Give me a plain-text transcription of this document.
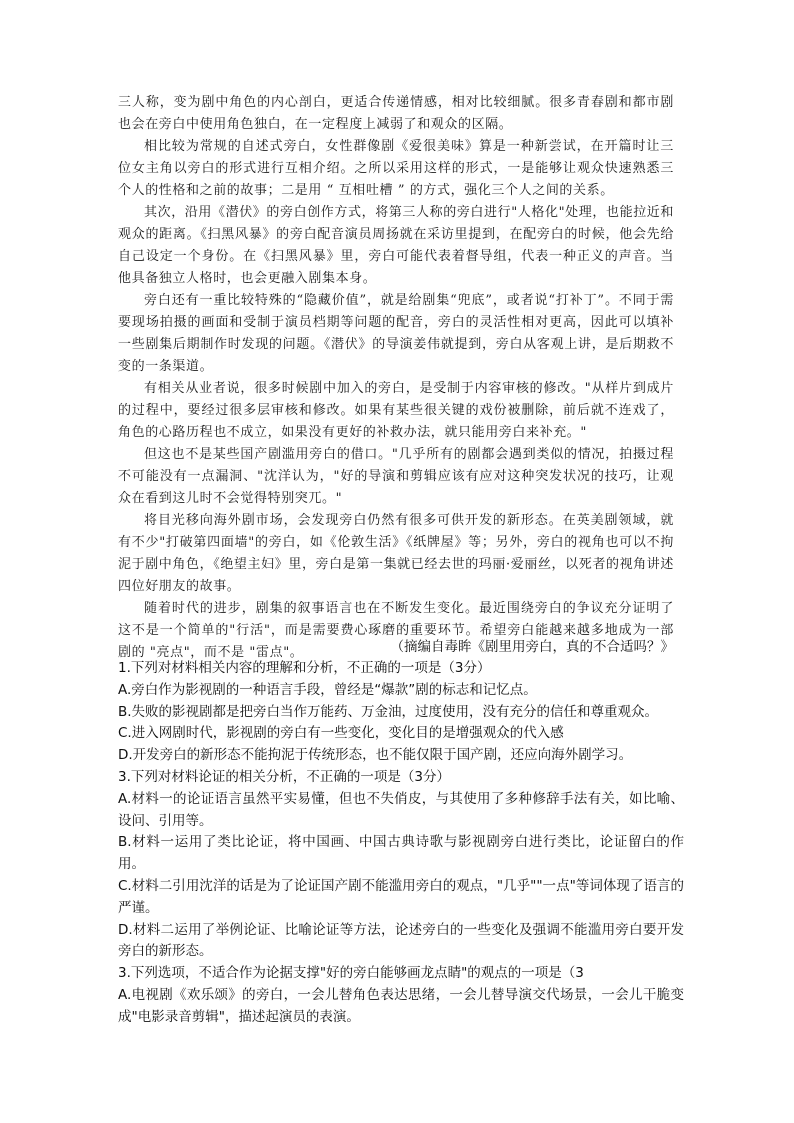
三人称，变为剧中角色的内心剖白，更适合传递情感，相对比较细腻。很多青春剧和都市剧也会在旁白中使用角色独白，在一定程度上减弱了和观众的区隔。

相比较为常规的自述式旁白，女性群像剧《爱很美味》算是一种新尝试，在开篇时让三位女主角以旁白的形式进行互相介绍。之所以采用这样的形式，一是能够让观众快速熟悉三个人的性格和之前的故事；二是用 “ 互相吐槽 ” 的方式，强化三个人之间的关系。

其次，沿用《潜伏》的旁白创作方式，将第三人称的旁白进行"人格化"处理，也能拉近和观众的距离。《扫黑风暴》的旁白配音演员周扬就在采访里提到，在配旁白的时候，他会先给自己设定一个身份。在《扫黑风暴》里，旁白可能代表着督导组，代表一种正义的声音。当他具备独立人格时，也会更融入剧集本身。

旁白还有一重比较特殊的“隐藏价值”，就是给剧集“兜底”，或者说“打补丁”。不同于需要现场拍摄的画面和受制于演员档期等问题的配音，旁白的灵活性相对更高，因此可以填补一些剧集后期制作时发现的问题。《潜伏》的导演姜伟就提到，旁白从客观上讲，是后期救不变的一条渠道。

有相关从业者说，很多时候剧中加入的旁白，是受制于内容审核的修改。"从样片到成片的过程中，要经过很多层审核和修改。如果有某些很关键的戏份被删除，前后就不连戏了，角色的心路历程也不成立，如果没有更好的补救办法，就只能用旁白来补充。"

但这也不是某些国产剧滥用旁白的借口。"几乎所有的剧都会遇到类似的情况，拍摄过程不可能没有一点漏洞、"沈洋认为，"好的导演和剪辑应该有应对这种突发状况的技巧，让观众在看到这儿时不会觉得特别突兀。"

将目光移向海外剧市场，会发现旁白仍然有很多可供开发的新形态。在英美剧领域，就有不少"打破第四面墙"的旁白，如《伦敦生活》《纸牌屋》等；另外，旁白的视角也可以不拘泥于剧中角色，《绝望主妇》里，旁白是第一集就已经去世的玛丽·爱丽丝，以死者的视角讲述四位好朋友的故事。

随着时代的进步，剧集的叙事语言也在不断发生变化。最近围绕旁白的争议充分证明了这不是一个简单的"行活"，而是需要费心琢磨的重要环节。希望旁白能越来越多地成为一部剧的 "亮点"，而不是 "雷点"。	（摘编自毒眸《剧里用旁白，真的不合适吗？》

1.下列对材料相关内容的理解和分析，不正确的一项是（3分）

A.旁白作为影视剧的一种语言手段，曾经是“爆款”剧的标志和记忆点。

B.失败的影视剧都是把旁白当作万能药、万金油，过度使用，没有充分的信任和尊重观众。

C.进入网剧时代，影视剧的旁白有一些变化，变化目的是增强观众的代入感

D.开发旁白的新形态不能拘泥于传统形态，也不能仅限于国产剧，还应向海外剧学习。

3.下列对材料论证的相关分析，不正确的一项是（3分）

A.材料一的论证语言虽然平实易懂，但也不失俏皮，与其使用了多种修辞手法有关，如比喻、设问、引用等。

B.材料一运用了类比论证，将中国画、中国古典诗歌与影视剧旁白进行类比，论证留白的作用。

C.材料二引用沈洋的话是为了论证国产剧不能滥用旁白的观点，"几乎""一点"等词体现了语言的严谨。

D.材料二运用了举例论证、比喻论证等方法，论述旁白的一些变化及强调不能滥用旁白要开发旁白的新形态。

3.下列选项，不适合作为论据支撑"好的旁白能够画龙点睛"的观点的一项是（3

A.电视剧《欢乐颂》的旁白，一会儿替角色表达思绪，一会儿替导演交代场景，一会儿干脆变成"电影录音剪辑"，描述起演员的表演。
